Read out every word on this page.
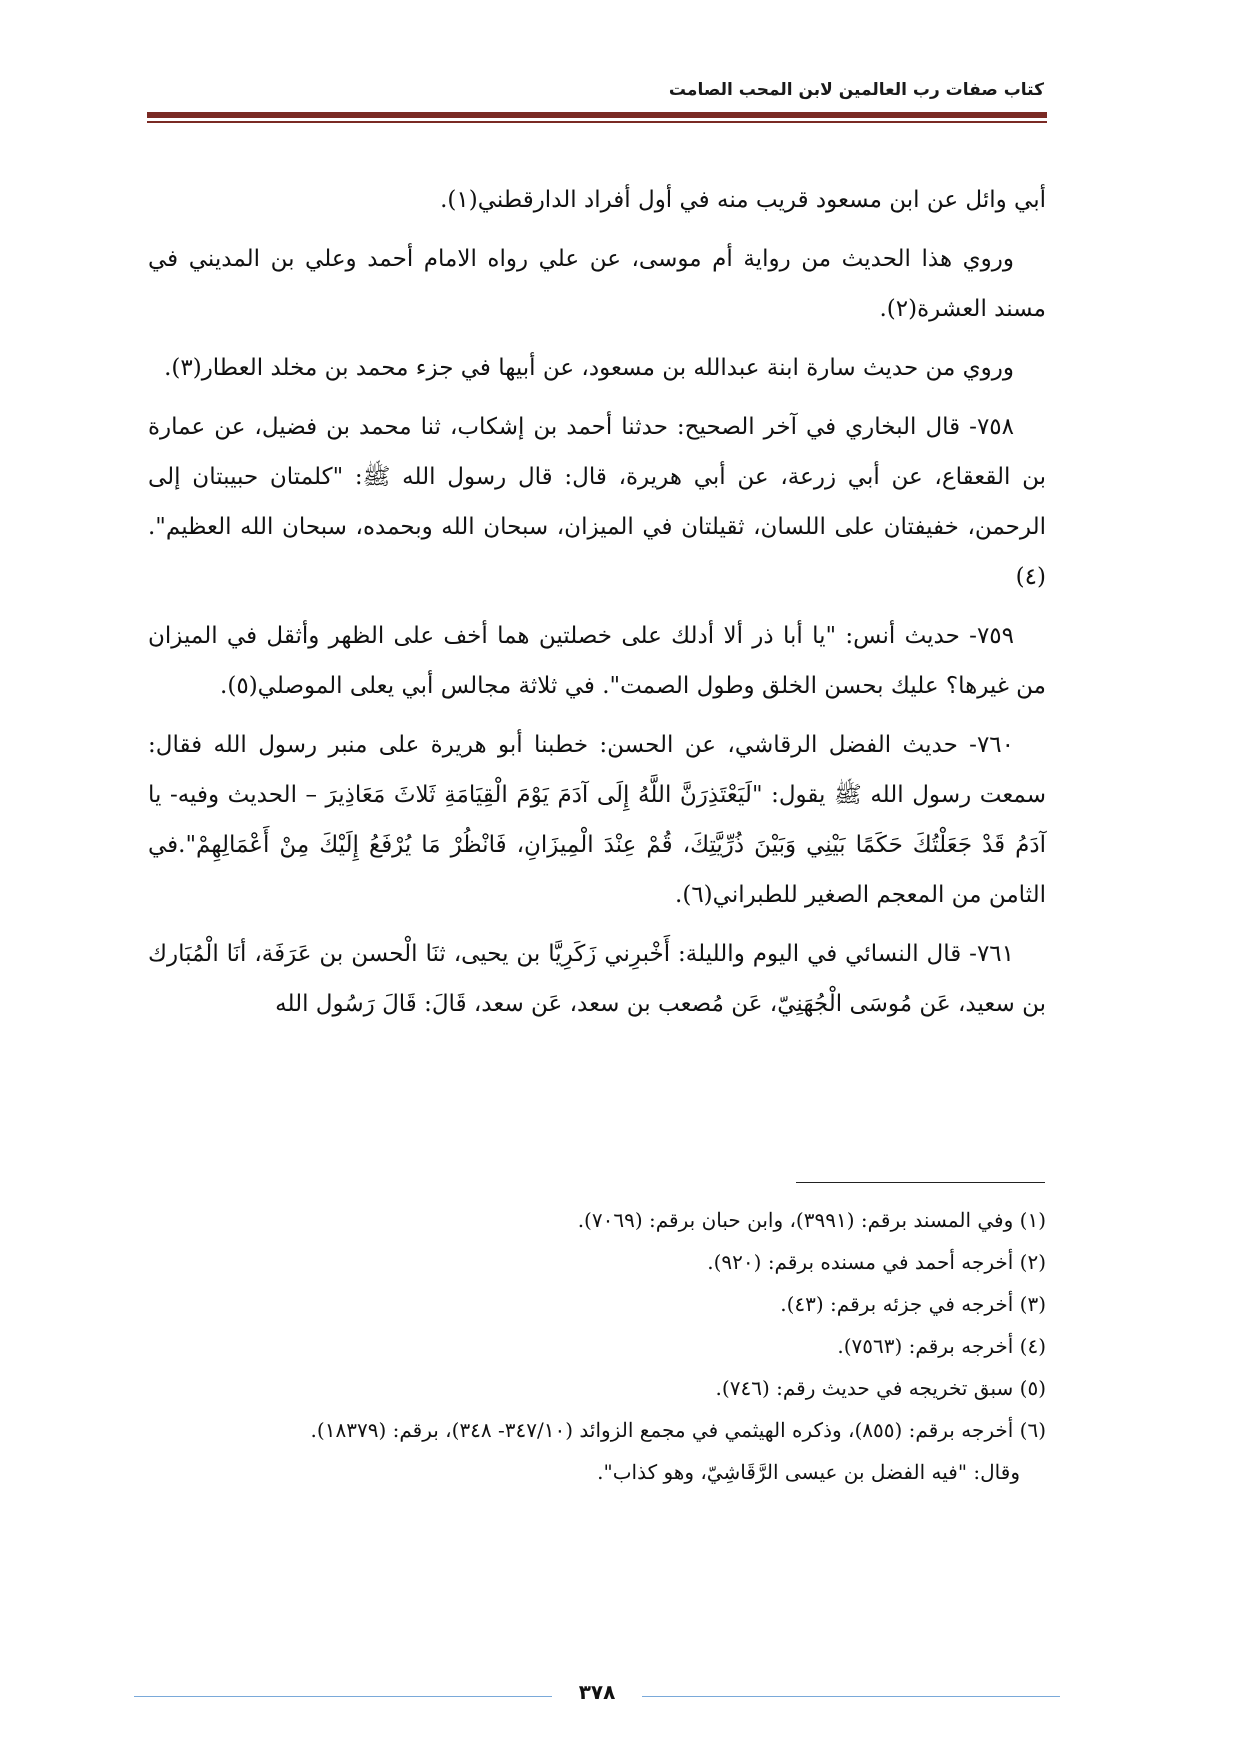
كتاب صفات رب العالمين لابن المحب الصامت

أبي وائل عن ابن مسعود قريب منه في أول أفراد الدارقطني(١).

وروي هذا الحديث من رواية أم موسى، عن علي رواه الامام أحمد وعلي بن المديني في مسند العشرة(٢).

وروي من حديث سارة ابنة عبدالله بن مسعود، عن أبيها في جزء محمد بن مخلد العطار(٣).

٧٥٨- قال البخاري في آخر الصحيح: حدثنا أحمد بن إشكاب، ثنا محمد بن فضيل، عن عمارة بن القعقاع، عن أبي زرعة، عن أبي هريرة، قال: قال رسول الله ﷺ: "كلمتان حبيبتان إلى الرحمن، خفيفتان على اللسان، ثقيلتان في الميزان، سبحان الله وبحمده، سبحان الله العظيم".(٤)

٧٥٩- حديث أنس: "يا أبا ذر ألا أدلك على خصلتين هما أخف على الظهر وأثقل في الميزان من غيرها؟ عليك بحسن الخلق وطول الصمت". في ثلاثة مجالس أبي يعلى الموصلي(٥).

٧٦٠- حديث الفضل الرقاشي، عن الحسن: خطبنا أبو هريرة على منبر رسول الله فقال: سمعت رسول الله ﷺ يقول: "لَيَعْتَذِرَنَّ اللَّهُ إِلَى آدَمَ يَوْمَ الْقِيَامَةِ ثَلاثَ مَعَاذِيرَ – الحديث وفيه- يا آدَمُ قَدْ جَعَلْتُكَ حَكَمًا بَيْنِي وَبَيْنَ ذُرِّيَّتِكَ، قُمْ عِنْدَ الْمِيزَانِ، فَانْظُرْ مَا يُرْفَعُ إِلَيْكَ مِنْ أَعْمَالِهِمْ".في الثامن من المعجم الصغير للطبراني(٦).

٧٦١- قال النسائي في اليوم والليلة: أَخْبرِني زَكَرِيَّا بن يحيى، ثنَا الْحسن بن عَرَفَة، أنَا الْمُبَارك بن سعيد، عَن مُوسَى الْجُهَنِيّ، عَن مُصعب بن سعد، عَن سعد، قَالَ: قَالَ رَسُول الله

(١) وفي المسند برقم: (٣٩٩١)، وابن حبان برقم: (٧٠٦٩).
(٢) أخرجه أحمد في مسنده برقم: (٩٢٠).
(٣) أخرجه في جزئه برقم: (٤٣).
(٤) أخرجه برقم: (٧٥٦٣).
(٥) سبق تخريجه في حديث رقم: (٧٤٦).
(٦) أخرجه برقم: (٨٥٥)، وذكره الهيثمي في مجمع الزوائد (٣٤٧/١٠- ٣٤٨)، برقم: (١٨٣٧٩).
وقال: "فيه الفضل بن عيسى الرَّقَاشِيّ، وهو كذاب".
٣٧٨
